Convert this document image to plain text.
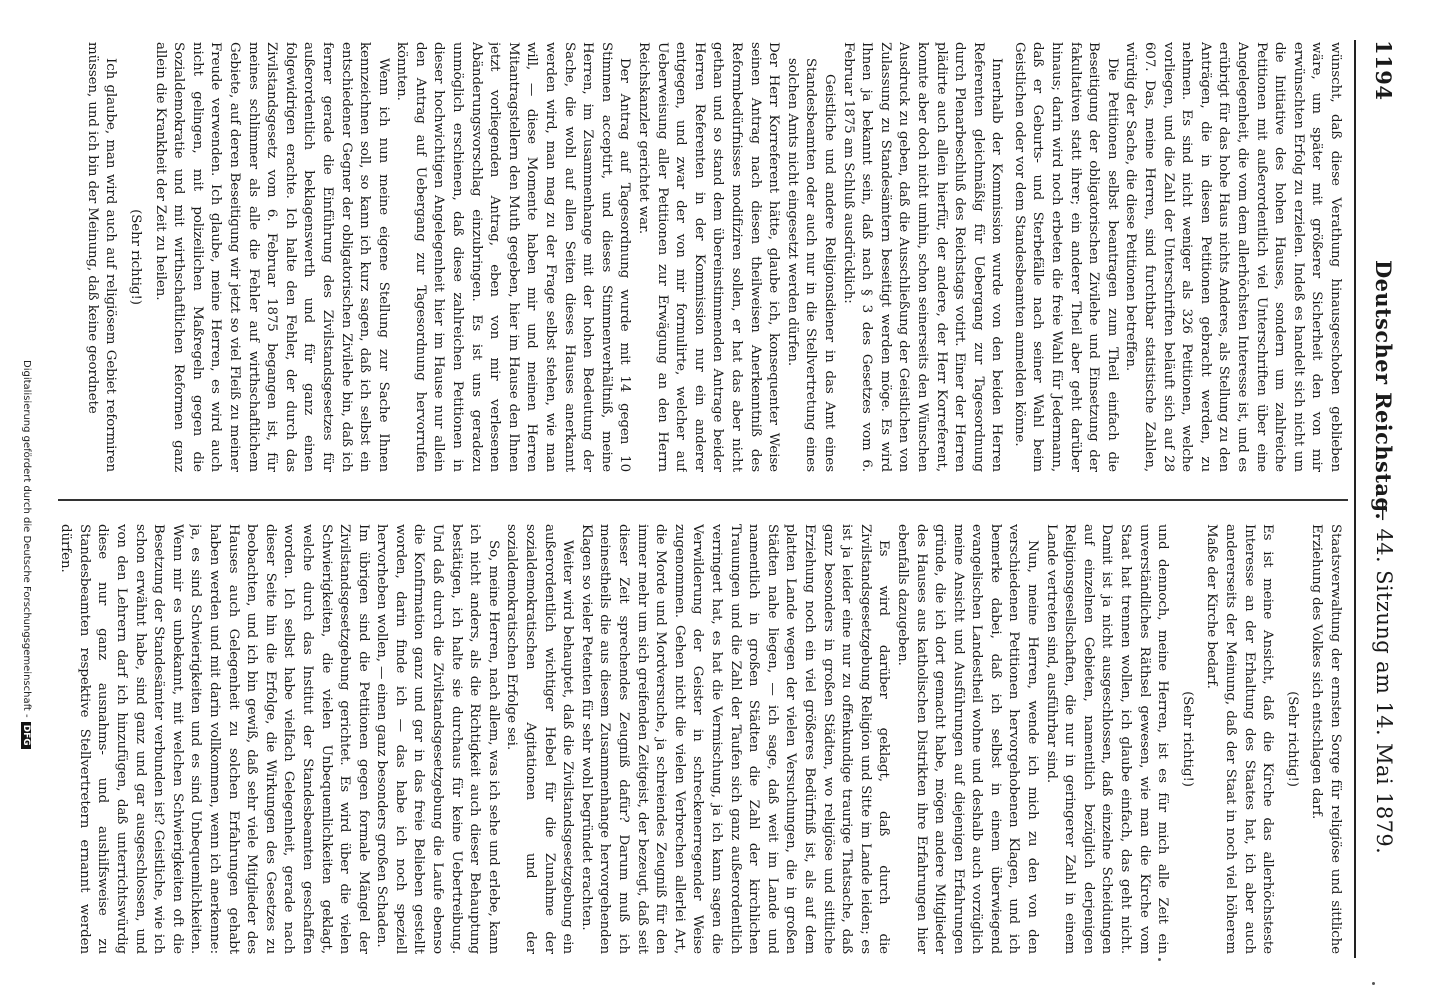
1194
Deutscher Reichstag.
— 44. Sitzung am 14. Mai 1879.

wünscht, daß diese Verathung hinausgeschoben geblieben wäre, um später mit größerer Sicherheit den von mir erwünschten Erfolg zu erzielen. Indeß es handelt sich nicht um die Initiative des hohen Hauses, sondern um zahlreiche Petitionen mit außerordentlich viel Unterschriften über eine Angelegenheit, die vom dem allerhöchsten Interesse ist, und es erübrigt für das hohe Haus nichts Anderes, als Stellung zu den Anträgen, die in diesen Petitionen gebracht werden, zu nehmen. Es sind nicht weniger als 326 Petitionen, welche vorliegen, und die Zahl der Unterschriften beläuft sich auf 28 607. Das, meine Herren, sind furchtbar statistische Zahlen, würdig der Sache, die diese Petitionen betreffen.

Die Petitionen selbst beantragen zum Theil einfach die Beseitigung der obligatorischen Zivilehe und Einsetzung der fakultativen statt ihrer; ein anderer Theil aber geht darüber hinaus; darin wird noch erbeten die freie Wahl für Jedermann, daß er Geburts- und Sterbefälle nach seiner Wahl beim Geistlichen oder vor dem Standesbeamten anmelden könne.

Innerhalb der Kommission wurde von den beiden Herren Referenten gleichmäßig für Uebergang zur Tagesordnung durch Plenarbeschluß des Reichstags votirt. Einer der Herren plädirte auch allein hierfür, der andere, der Herr Korreferent, konnte aber doch nicht umhin, schon seinerseits den Wünschen Ausdruck zu geben, daß die Ausschließung der Geistlichen von Zulassung zu Standesämtern beseitigt werden möge. Es wird Ihnen ja bekannt sein, daß nach § 3 des Gesetzes vom 6. Februar 1875 am Schluß ausdrücklich:

Geistliche und andere Religionsdiener in das Amt eines Standesbeamten oder auch nur in die Stellvertretung eines solchen Amts nicht eingesetzt werden dürfen.

Der Herr Korreferent hätte, glaube ich, konsequenter Weise seinen Antrag nach diesen theilweisen Anerkenntniß des Reformbedürfnisses modifiziren sollen, er hat das aber nicht gethan und so stand dem übereinstimmenden Antrage beider Herren Referenten in der Kommission nur ein anderer entgegen, und zwar der von mir formulirte, welcher auf Ueberweisung aller Petitionen zur Erwägung an den Herrn Reichskanzler gerichtet war.

Der Antrag auf Tagesordnung wurde mit 14 gegen 10 Stimmen acceptirt, und dieses Stimmenverhältniß, meine Herren, im Zusammenhange mit der hohen Bedeutung der Sache, die wohl auf allen Seiten dieses Hauses anerkannt werden wird, man mag zu der Frage selbst stehen, wie man will, — diese Momente haben mir und meinen Herren Mitantragstellern den Muth gegeben, hier im Hause den Ihnen jetzt vorliegenden Antrag, eben von mir verlesenen Abänderungsvorschlag einzubringen. Es ist uns geradezu unmöglich erschienen, daß diese zahlreichen Petitionen in dieser hochwichtigen Angelegenheit hier im Hause nur allein den Antrag auf Uebergang zur Tagesordnung hervorrufen könnten.

Wenn ich nun meine eigene Stellung zur Sache Ihnen kennzeichnen soll, so kann ich kurz sagen, daß ich selbst ein entschiedener Gegner der obligatorischen Zivilehe bin, daß ich ferner gerade die Einführung des Zivilstandsgesetzes für außerordentlich beklagenswerth und für ganz einen folgewidrigen erachte. Ich halte den Fehler, der durch das Zivilstandsgesetz vom 6. Februar 1875 begangen ist, für meines schlimmer als alle die Fehler auf wirthschaftlichem Gebiete, auf deren Beseitigung wir jetzt so viel Fleiß zu meiner Freude verwenden. Ich glaube, meine Herren, es wird auch nicht gelingen, mit polizeilichen Maßregeln gegen die Sozialdemokratie und mit wirthschaftlichen Reformen ganz allein die Krankheit der Zeit zu heilen.

(Sehr richtig!)

Ich glaube, man wird auch auf religiösem Gebiet reformiren müssen, und ich bin der Meinung, daß keine geordnete

Staatsverwaltung der ernsten Sorge für religiöse und sittliche Erziehung des Volkes sich entschlagen darf.

(Sehr richtig!)

Es ist meine Ansicht, daß die Kirche das allerhöchsteste Interesse an der Erhaltung des Staates hat, ich aber auch andererseits der Meinung, daß der Staat in noch viel höherem Maße der Kirche bedarf.

(Sehr richtig!)

und dennoch, meine Herren, ist es für mich alle Zeit ein unverständliches Räthsel gewesen, wie man die Kirche vom Staat hat trennen wollen, ich glaube einfach, das geht nicht. Damit ist ja nicht ausgeschlossen, daß einzelne Scheidungen auf einzelnen Gebieten, namentlich bezüglich derjenigen Religionsgesellschaften, die nur in geringerer Zahl in einem Lande vertreten sind, ausführbar sind.

Nun, meine Herren, wende ich mich zu den von den verschiedenen Petitionen hervorgehobenen Klagen, und ich bemerke dabei, daß ich selbst in einem überwiegend evangelischen Landestheil wohne und deshalb auch vorzüglich meine Ansicht und Ausführungen auf diejenigen Erfahrungen gründe, die ich dort gemacht habe, mögen andere Mitglieder des Hauses aus katholischen Distrikten ihre Erfahrungen hier ebenfalls dazugeben.

Es wird darüber geklagt, daß durch die Zivilstandsgesetzgebung Religion und Sitte im Lande leiden; es ist ja leider eine nur zu offenkundige traurige Thatsache, daß ganz besonders in großen Städten, wo religiöse und sittliche Erziehung noch ein viel größeres Bedürfniß ist, als auf dem platten Lande wegen der vielen Versuchungen, die in großen Städten nahe liegen, — ich sage, daß weit im Lande und namentlich in großen Städten die Zahl der kirchlichen Trauungen und die Zahl der Taufen sich ganz außerordentlich verringert hat, es hat die Vermischung, ja ich kann sagen die Verwilderung der Geister in schreckenerregender Weise zugenommen. Gehen nicht die vielen Verbrechen allerlei Art, die Morde und Mordversuche, ja schreiendes Zeugniß für den immer mehr um sich greifenden Zeitgeist, der bezeugt, daß seit dieser Zeit sprechendes Zeugniß dafür? Darum muß ich meinestheils die aus diesem Zusammenhange hervorgehenden Klagen so vieler Petenten für sehr wohl begründet erachten.

Weiter wird behauptet, daß die Zivilstandsgesetzgebung ein außerordentlich wichtiger Hebel für die Zunahme der sozialdemokratischen Agitationen und der sozialdemokratischen Erfolge sei.

So, meine Herren, nach allem, was ich sehe und erlebe, kann ich nicht anders, als die Richtigkeit auch dieser Behauptung bestätigen, ich halte sie durchaus für keine Uebertreibung. Und daß durch die Zivilstandsgesetzgebung die Laufe ebenso die Konfirmation ganz und gar in das freie Belieben gestellt worden, darin finde ich — das habe ich noch speziell hervorheben wollen, — einen ganz besonders großen Schaden.

Im übrigen sind die Petitionen gegen formale Mängel der Zivilstandsgesetzgebung gerichtet. Es wird über die vielen Schwierigkeiten, die vielen Unbequemlichkeiten geklagt, welche durch das Institut der Standesbeamten geschaffen worden. Ich selbst habe vielfach Gelegenheit, gerade nach dieser Seite hin die Erfolge, die Wirkungen des Gesetzes zu beobachten, und ich bin gewiß, daß sehr viele Mitglieder des Hauses auch Gelegenheit zu solchen Erfahrungen gehabt haben werden und mit darin vollkommen, wenn ich anerkenne: ja, es sind Schwierigkeiten und es sind Unbequemlichkeiten. Wenn mir es unbekannt, mit welchen Schwierigkeiten oft die Besetzung der Standesämter verbunden ist? Geistliche, wie ich schon erwähnt habe, sind ganz und gar ausgeschlossen, und von den Lehrern darf ich hinzufügen, daß unterrichtswürdig diese nur ganz ausnahms- und aushilfsweise zu Standesbeamten respektive Stellvertretern ernannt werden dürfen.

Digitalisierung gefördert durch die Deutsche Forschungsgemeinschaft -DFG
